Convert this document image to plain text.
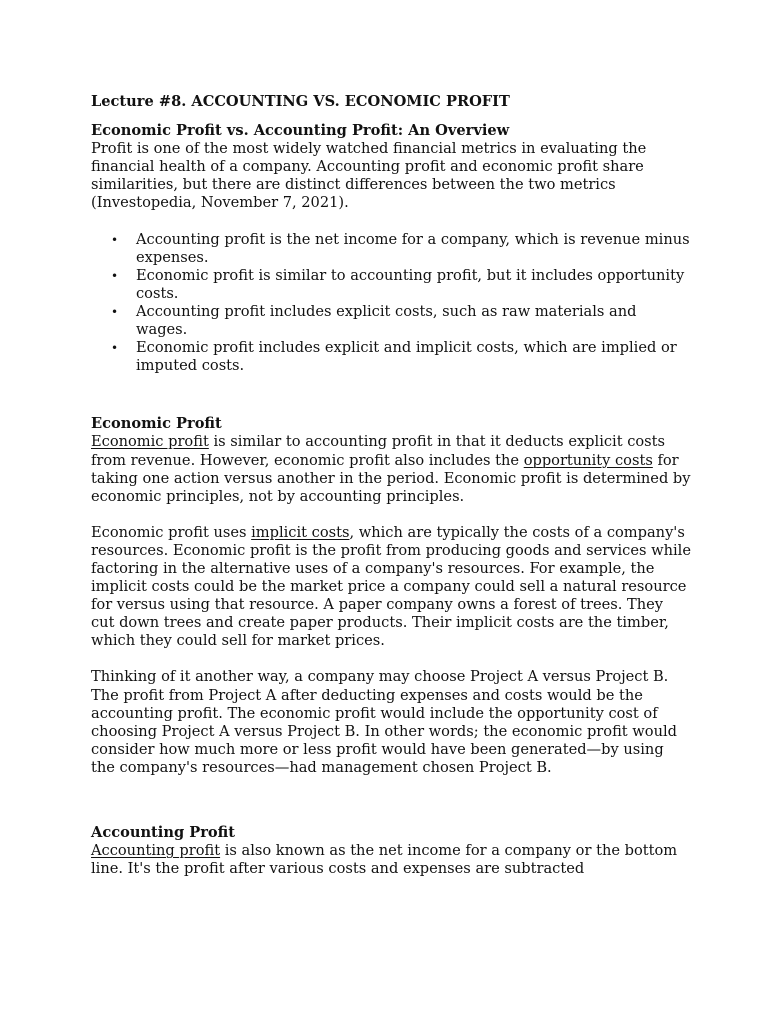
Lecture #8. ACCOUNTING VS. ECONOMIC PROFIT

Economic Profit vs. Accounting Profit: An Overview

Profit is one of the most widely watched financial metrics in evaluating the financial health of a company. Accounting profit and economic profit share similarities, but there are distinct differences between the two metrics (Investopedia, November 7, 2021).

• Accounting profit is the net income for a company, which is revenue minus expenses.
• Economic profit is similar to accounting profit, but it includes opportunity costs.
• Accounting profit includes explicit costs, such as raw materials and wages.
• Economic profit includes explicit and implicit costs, which are implied or imputed costs.
Economic Profit

Economic profit is similar to accounting profit in that it deducts explicit costs from revenue. However, economic profit also includes the opportunity costs for taking one action versus another in the period. Economic profit is determined by economic principles, not by accounting principles.

Economic profit uses implicit costs, which are typically the costs of a company's resources. Economic profit is the profit from producing goods and services while factoring in the alternative uses of a company's resources. For example, the implicit costs could be the market price a company could sell a natural resource for versus using that resource. A paper company owns a forest of trees. They cut down trees and create paper products. Their implicit costs are the timber, which they could sell for market prices.

Thinking of it another way, a company may choose Project A versus Project B. The profit from Project A after deducting expenses and costs would be the accounting profit. The economic profit would include the opportunity cost of choosing Project A versus Project B. In other words; the economic profit would consider how much more or less profit would have been generated—by using the company's resources—had management chosen Project B.

Accounting Profit

Accounting profit is also known as the net income for a company or the bottom line. It's the profit after various costs and expenses are subtracted
